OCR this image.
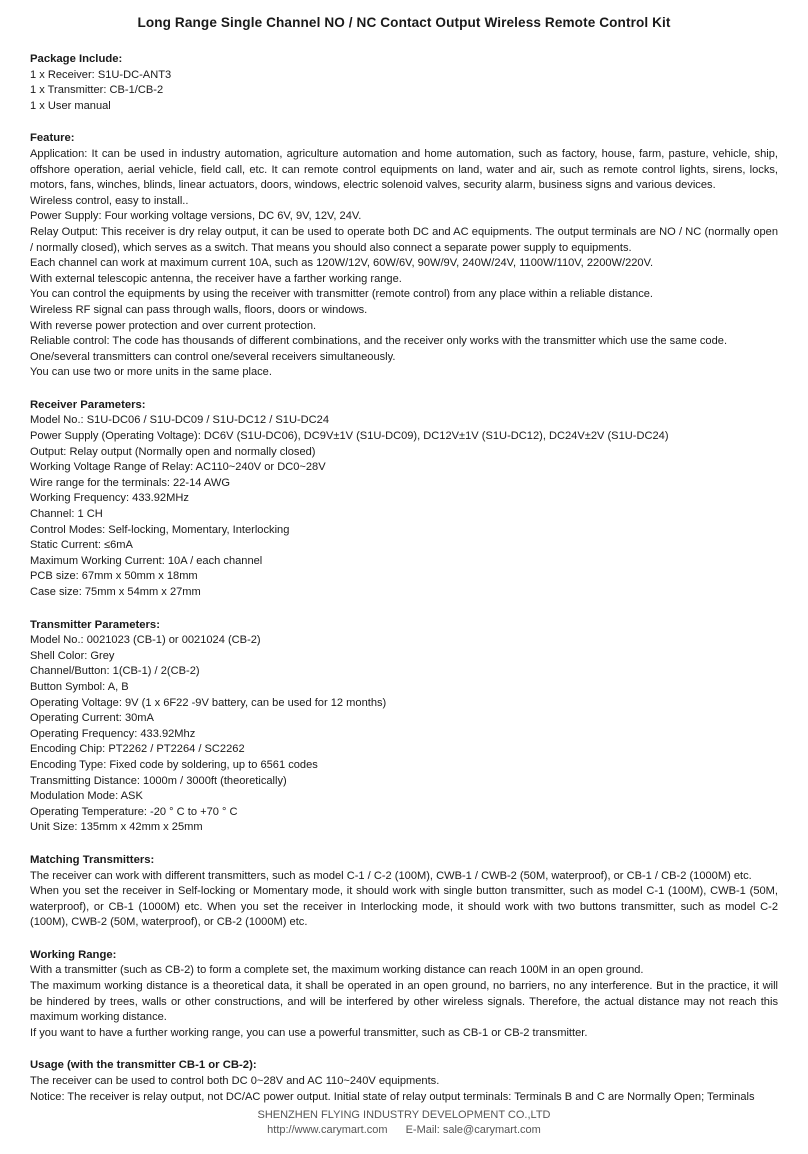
Long Range Single Channel NO / NC Contact Output Wireless Remote Control Kit
Package Include:
1 x Receiver: S1U-DC-ANT3
1 x Transmitter: CB-1/CB-2
1 x User manual
Feature:
Application: It can be used in industry automation, agriculture automation and home automation, such as factory, house, farm, pasture, vehicle, ship, offshore operation, aerial vehicle, field call, etc. It can remote control equipments on land, water and air, such as remote control lights, sirens, locks, motors, fans, winches, blinds, linear actuators, doors, windows, electric solenoid valves, security alarm, business signs and various devices.
Wireless control, easy to install..
Power Supply: Four working voltage versions, DC 6V, 9V, 12V, 24V.
Relay Output: This receiver is dry relay output, it can be used to operate both DC and AC equipments. The output terminals are NO / NC (normally open / normally closed), which serves as a switch. That means you should also connect a separate power supply to equipments.
Each channel can work at maximum current 10A, such as 120W/12V, 60W/6V, 90W/9V, 240W/24V, 1100W/110V, 2200W/220V.
With external telescopic antenna, the receiver have a farther working range.
You can control the equipments by using the receiver with transmitter (remote control) from any place within a reliable distance.
Wireless RF signal can pass through walls, floors, doors or windows.
With reverse power protection and over current protection.
Reliable control: The code has thousands of different combinations, and the receiver only works with the transmitter which use the same code.
One/several transmitters can control one/several receivers simultaneously.
You can use two or more units in the same place.
Receiver Parameters:
Model No.: S1U-DC06 / S1U-DC09 / S1U-DC12 / S1U-DC24
Power Supply (Operating Voltage): DC6V (S1U-DC06), DC9V±1V (S1U-DC09), DC12V±1V (S1U-DC12), DC24V±2V (S1U-DC24)
Output: Relay output (Normally open and normally closed)
Working Voltage Range of Relay: AC110~240V or DC0~28V
Wire range for the terminals: 22-14 AWG
Working Frequency: 433.92MHz
Channel: 1 CH
Control Modes: Self-locking, Momentary, Interlocking
Static Current: ≤6mA
Maximum Working Current: 10A / each channel
PCB size: 67mm x 50mm x 18mm
Case size: 75mm x 54mm x 27mm
Transmitter Parameters:
Model No.: 0021023 (CB-1) or 0021024 (CB-2)
Shell Color: Grey
Channel/Button: 1(CB-1) / 2(CB-2)
Button Symbol: A, B
Operating Voltage: 9V (1 x 6F22 -9V battery, can be used for 12 months)
Operating Current: 30mA
Operating Frequency: 433.92Mhz
Encoding Chip: PT2262 / PT2264 / SC2262
Encoding Type: Fixed code by soldering, up to 6561 codes
Transmitting Distance: 1000m / 3000ft (theoretically)
Modulation Mode: ASK
Operating Temperature: -20 ° C to +70 ° C
Unit Size: 135mm x 42mm x 25mm
Matching Transmitters:
The receiver can work with different transmitters, such as model C-1 / C-2 (100M), CWB-1 / CWB-2 (50M, waterproof), or CB-1 / CB-2 (1000M) etc.
When you set the receiver in Self-locking or Momentary mode, it should work with single button transmitter, such as model C-1 (100M), CWB-1 (50M, waterproof), or CB-1 (1000M) etc. When you set the receiver in Interlocking mode, it should work with two buttons transmitter, such as model C-2 (100M), CWB-2 (50M, waterproof), or CB-2 (1000M) etc.
Working Range:
With a transmitter (such as CB-2) to form a complete set, the maximum working distance can reach 100M in an open ground.
The maximum working distance is a theoretical data, it shall be operated in an open ground, no barriers, no any interference. But in the practice, it will be hindered by trees, walls or other constructions, and will be interfered by other wireless signals. Therefore, the actual distance may not reach this maximum working distance.
If you want to have a further working range, you can use a powerful transmitter, such as CB-1 or CB-2 transmitter.
Usage (with the transmitter CB-1 or CB-2):
The receiver can be used to control both DC 0~28V and AC 110~240V equipments.
Notice: The receiver is relay output, not DC/AC power output. Initial state of relay output terminals: Terminals B and C are Normally Open; Terminals
SHENZHEN FLYING INDUSTRY DEVELOPMENT CO.,LTD
http://www.carymart.com E-Mail: sale@carymart.com
